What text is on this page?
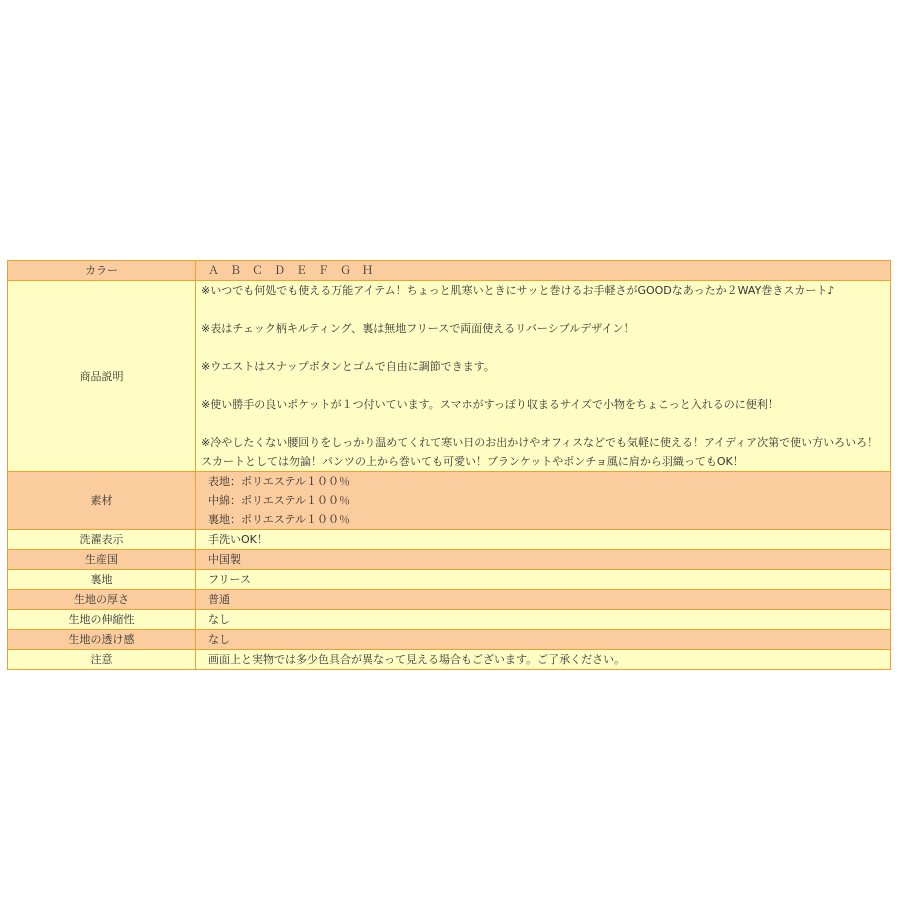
カラー	Ａ　Ｂ　Ｃ　Ｄ　Ｅ　Ｆ　Ｇ　Ｈ
商品説明	※いつでも何処でも使える万能アイテム！ちょっと肌寒いときにサッと巻けるお手軽さがGOODなあったか２WAY巻きスカート♪
※表はチェック柄キルティング、裏は無地フリースで両面使えるリバーシブルデザイン！
※ウエストはスナップボタンとゴムで自由に調節できます。
※使い勝手の良いポケットが１つ付いています。スマホがすっぽり収まるサイズで小物をちょこっと入れるのに便利！
※冷やしたくない腰回りをしっかり温めてくれて寒い日のお出かけやオフィスなどでも気軽に使える！アイディア次第で使い方いろいろ！スカートとしては勿論！パンツの上から巻いても可愛い！ブランケットやポンチョ風に肩から羽織ってもOK！

素材	表地：ポリエステル１００％
中綿：ポリエステル１００％
裏地：ポリエステル１００％

洗濯表示	手洗いOK！
生産国	中国製
裏地	フリース
生地の厚さ	普通
生地の伸縮性	なし
生地の透け感	なし
注意	画面上と実物では多少色具合が異なって見える場合もございます。ご了承ください。
